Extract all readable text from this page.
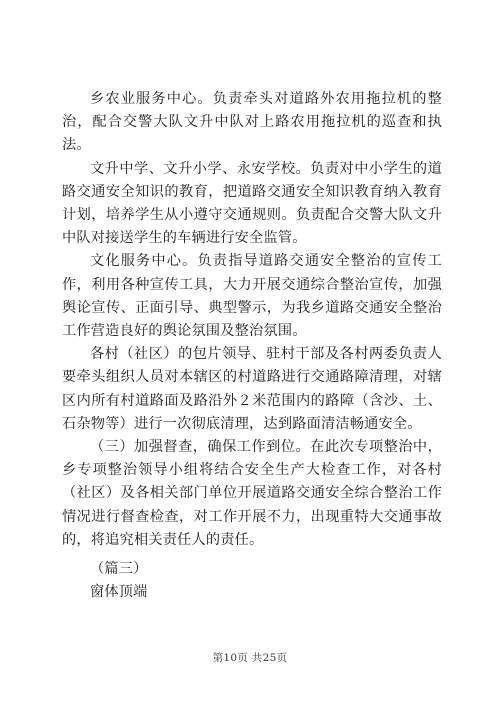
乡农业服务中心。负责牵头对道路外农用拖拉机的整治，配合交警大队文升中队对上路农用拖拉机的巡查和执法。

文升中学、文升小学、永安学校。负责对中小学生的道路交通安全知识的教育，把道路交通安全知识教育纳入教育计划，培养学生从小遵守交通规则。负责配合交警大队文升中队对接送学生的车辆进行安全监管。

文化服务中心。负责指导道路交通安全整治的宣传工作，利用各种宣传工具，大力开展交通综合整治宣传，加强舆论宣传、正面引导、典型警示，为我乡道路交通安全整治工作营造良好的舆论氛围及整治氛围。

各村（社区）的包片领导、驻村干部及各村两委负责人要牵头组织人员对本辖区的村道路进行交通路障清理，对辖区内所有村道路面及路沿外２米范围内的路障（含沙、土、石杂物等）进行一次彻底清理，达到路面清洁畅通安全。

（三）加强督查，确保工作到位。在此次专项整治中，乡专项整治领导小组将结合安全生产大检查工作，对各村（社区）及各相关部门单位开展道路交通安全综合整治工作情况进行督查检查，对工作开展不力，出现重特大交通事故的，将追究相关责任人的责任。

（篇三）

窗体顶端

第10页 共25页
